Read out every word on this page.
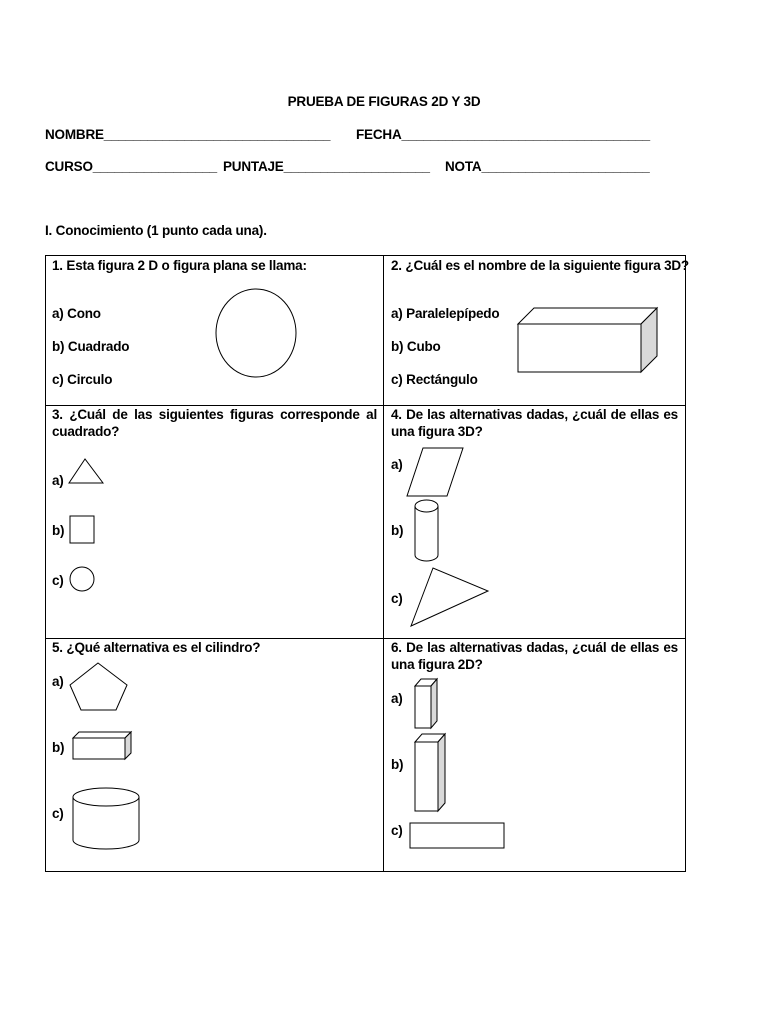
PRUEBA DE FIGURAS 2D Y 3D
NOMBRE_______________________________ FECHA__________________________________
CURSO_________________ PUNTAJE____________________ NOTA_______________________
I. Conocimiento (1 punto cada una).
1. Esta figura 2 D o figura plana se llama:
a) Cono
b) Cuadrado
c) Circulo
2. ¿Cuál es el nombre de la siguiente figura 3D?
a) Paralelepípedo
b) Cubo
c) Rectángulo
3. ¿Cuál de las siguientes figuras corresponde al
cuadrado?
a)
b)
c)
4. De las alternativas dadas, ¿cuál de ellas es
una figura 3D?
a)
b)
c)
5. ¿Qué alternativa es el cilindro?
a)
b)
c)
6. De las alternativas dadas, ¿cuál de ellas es
una figura 2D?
a)
b)
c)
